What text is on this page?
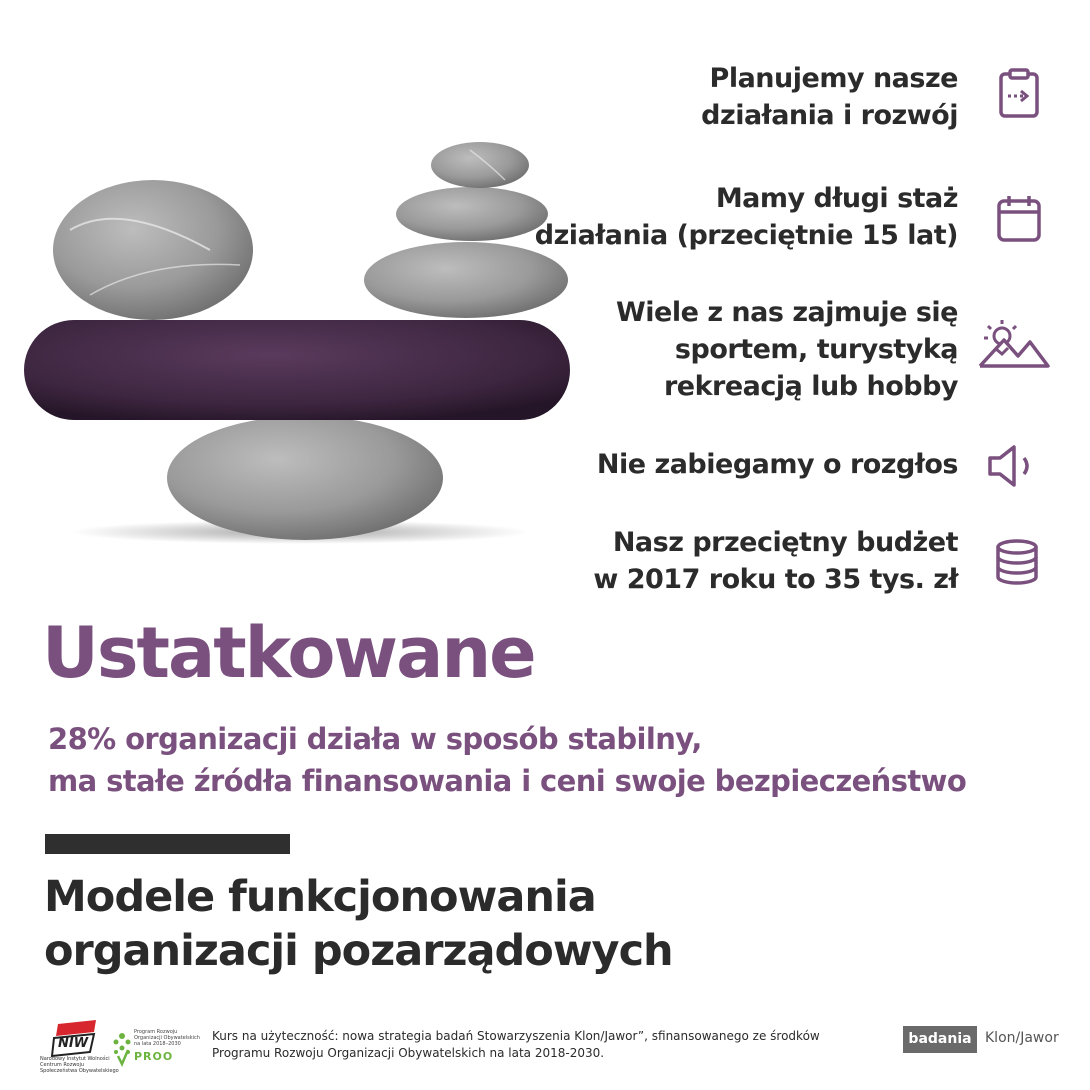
Planujemy nasze
działania i rozwój
Mamy długi staż
działania (przeciętnie 15 lat)
Wiele z nas zajmuje się
sportem, turystyką
rekreacją lub hobby
Nie zabiegamy o rozgłos
Nasz przeciętny budżet
w 2017 roku to 35 tys. zł
Ustatkowane
28% organizacji działa w sposób stabilny,
ma stałe źródła finansowania i ceni swoje bezpieczeństwo
Modele funkcjonowania
organizacji pozarządowych
NIW
Narodowy Instytut Wolności Centrum Rozwoju Społeczeństwa Obywatelskiego
Program Rozwoju Organizacji Obywatelskich na lata 2018–2030
PROO
Kurs na użyteczność: nowa strategia badań Stowarzyszenia Klon/Jawor”, sfinansowanego ze środków
Programu Rozwoju Organizacji Obywatelskich na lata 2018-2030.
badania Klon/Jawor
